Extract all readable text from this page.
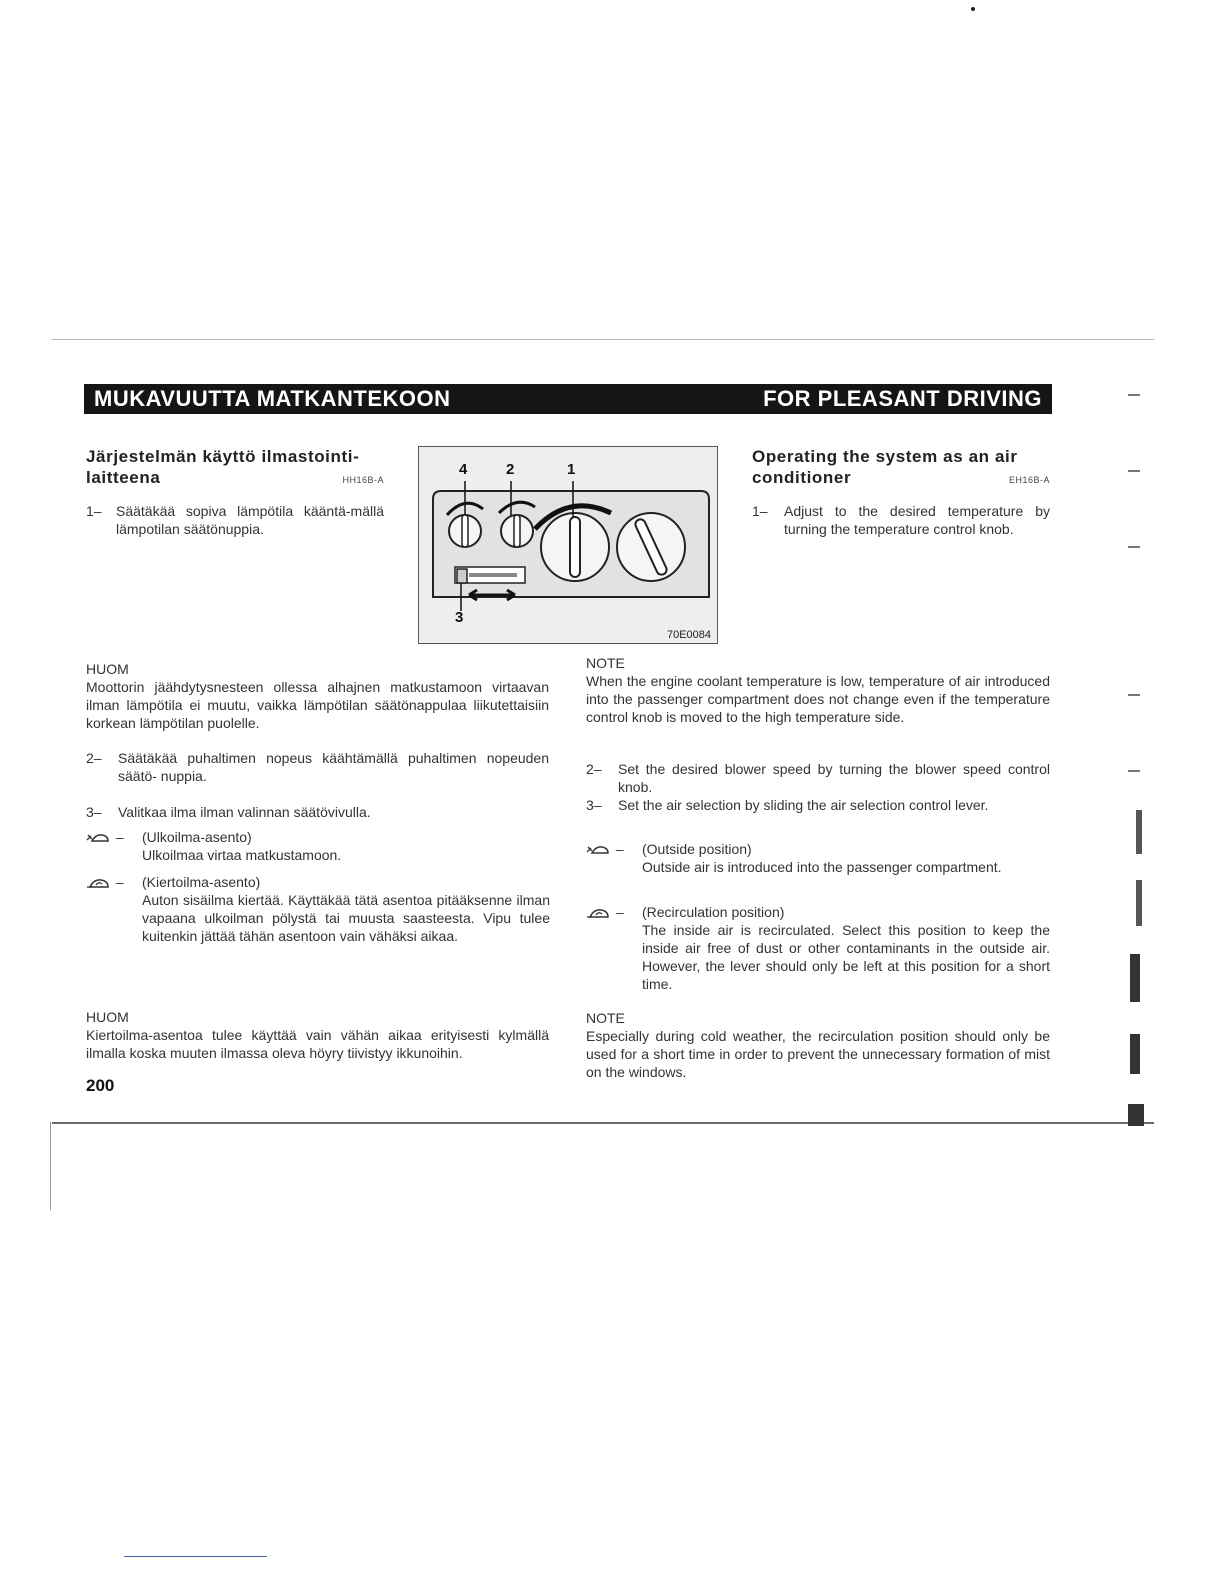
MUKAVUUTTA MATKANTEKOON	FOR PLEASANT DRIVING
Järjestelmän käyttö ilmastointi-
laitteena	HH16B-A
1–	Säätäkää sopiva lämpötila kääntä-mällä lämpotilan säätönuppia.
HUOM
Moottorin jäähdytysnesteen ollessa alhajnen matkustamoon virtaavan ilman lämpötila ei muutu, vaikka lämpötilan säätönappulaa liikutettaisiin korkean lämpötilan puolelle.
2–	Säätäkää puhaltimen nopeus käähtämällä puhaltimen nopeuden säätö- nuppia.
3–	Valitkaa ilma ilman valinnan säätövivulla.
–	(Ulkoilma-asento)
Ulkoilmaa virtaa matkustamoon.
–	(Kiertoilma-asento)
Auton sisäilma kiertää. Käyttäkää tätä asentoa pitääksenne ilman vapaana ulkoilman pölystä tai muusta saasteesta. Vipu tulee kuitenkin jättää tähän asentoon vain vähäksi aikaa.
HUOM
Kiertoilma-asentoa tulee käyttää vain vähän aikaa erityisesti kylmällä ilmalla koska muuten ilmassa oleva höyry tiivistyy ikkunoihin.
200
4	2	1
3
70E0084
Operating the system as an air
conditioner	EH16B-A
1–	Adjust to the desired temperature by turning the temperature control knob.
NOTE
When the engine coolant temperature is low, temperature of air introduced into the passenger compartment does not change even if the temperature control knob is moved to the high temperature side.
2–	Set the desired blower speed by turning the blower speed control knob.
3–	Set the air selection by sliding the air selection control lever.
–	(Outside position)
Outside air is introduced into the passenger compartment.
–	(Recirculation position)
The inside air is recirculated. Select this position to keep the inside air free of dust or other contaminants in the outside air. However, the lever should only be left at this position for a short time.
NOTE
Especially during cold weather, the recirculation position should only be used for a short time in order to prevent the unnecessary formation of mist on the windows.
